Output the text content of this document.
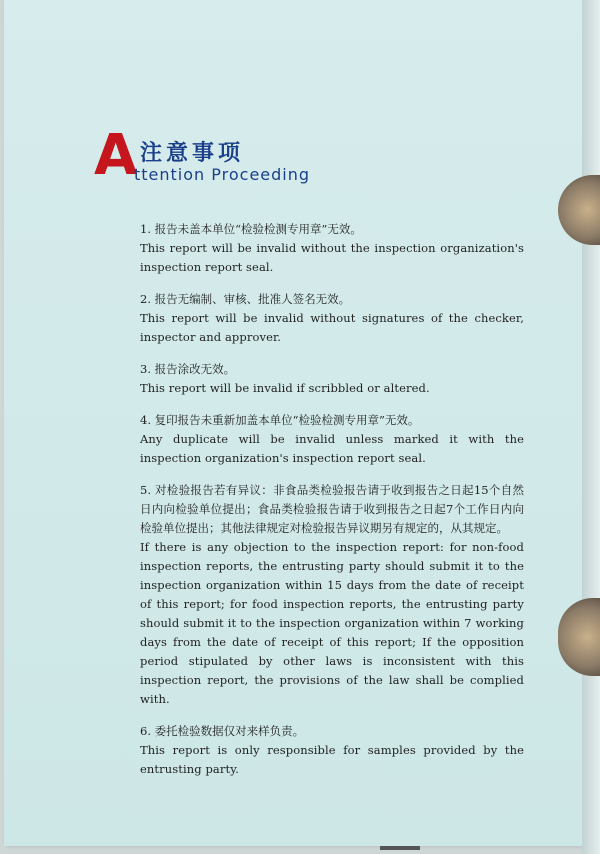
A 注意事项
ttention Proceeding
1. 报告未盖本单位“检验检测专用章”无效。
This report will be invalid without the inspection organization's inspection report seal.
2. 报告无编制、审核、批准人签名无效。
This report will be invalid without signatures of the checker, inspector and approver.
3. 报告涂改无效。
This report will be invalid if scribbled or altered.
4. 复印报告未重新加盖本单位“检验检测专用章”无效。
Any duplicate will be invalid unless marked it with the inspection organization's inspection report seal.
5. 对检验报告若有异议：非食品类检验报告请于收到报告之日起15个自然日内向检验单位提出；食品类检验报告请于收到报告之日起7个工作日内向检验单位提出；其他法律规定对检验报告异议期另有规定的，从其规定。
If there is any objection to the inspection report: for non-food inspection reports, the entrusting party should submit it to the inspection organization within 15 days from the date of receipt of this report; for food inspection reports, the entrusting party should submit it to the inspection organization within 7 working days from the date of receipt of this report; If the opposition period stipulated by other laws is inconsistent with this inspection report, the provisions of the law shall be complied with.
6. 委托检验数据仅对来样负责。
This report is only responsible for samples provided by the entrusting party.
